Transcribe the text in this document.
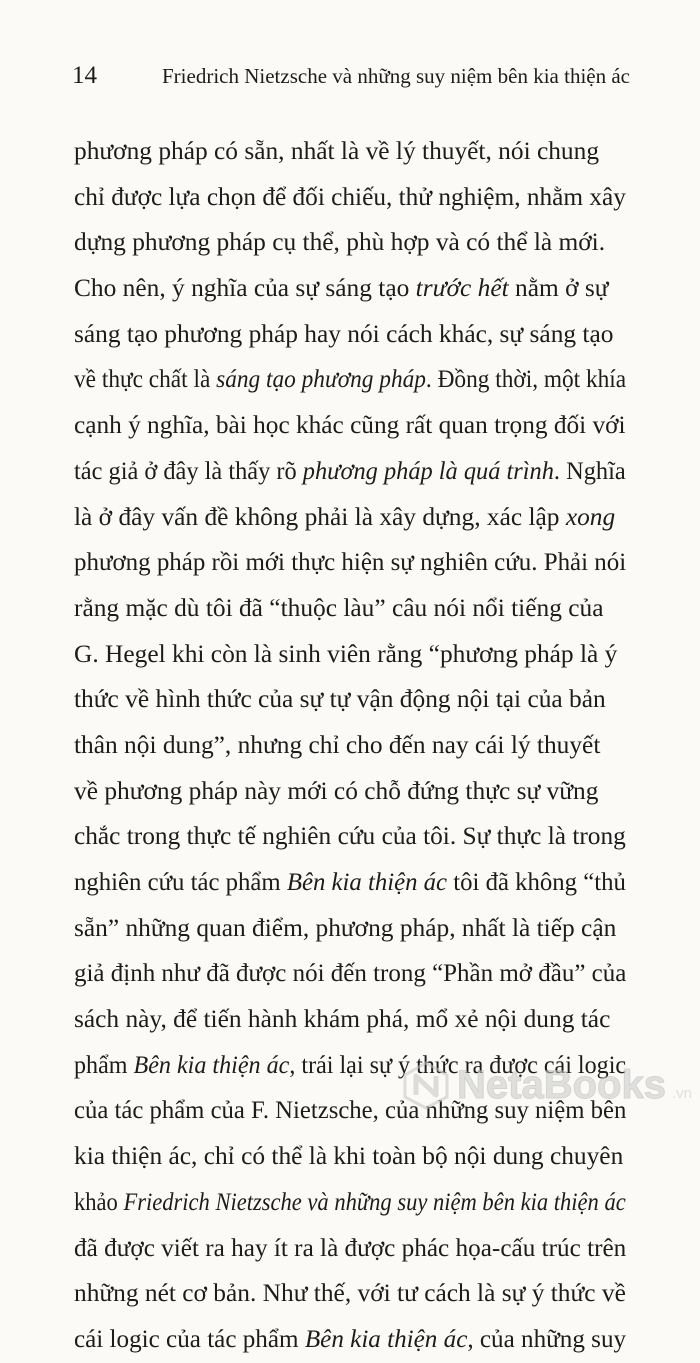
14	Friedrich Nietzsche và những suy niệm bên kia thiện ác
phương pháp có sẵn, nhất là về lý thuyết, nói chung
chỉ được lựa chọn để đối chiếu, thử nghiệm, nhằm xây
dựng phương pháp cụ thể, phù hợp và có thể là mới.
Cho nên, ý nghĩa của sự sáng tạo trước hết nằm ở sự
sáng tạo phương pháp hay nói cách khác, sự sáng tạo
về thực chất là sáng tạo phương pháp. Đồng thời, một khía
cạnh ý nghĩa, bài học khác cũng rất quan trọng đối với
tác giả ở đây là thấy rõ phương pháp là quá trình. Nghĩa
là ở đây vấn đề không phải là xây dựng, xác lập xong
phương pháp rồi mới thực hiện sự nghiên cứu. Phải nói
rằng mặc dù tôi đã “thuộc làu” câu nói nổi tiếng của
G. Hegel khi còn là sinh viên rằng “phương pháp là ý
thức về hình thức của sự tự vận động nội tại của bản
thân nội dung”, nhưng chỉ cho đến nay cái lý thuyết
về phương pháp này mới có chỗ đứng thực sự vững
chắc trong thực tế nghiên cứu của tôi. Sự thực là trong
nghiên cứu tác phẩm Bên kia thiện ác tôi đã không “thủ
sẵn” những quan điểm, phương pháp, nhất là tiếp cận
giả định như đã được nói đến trong “Phần mở đầu” của
sách này, để tiến hành khám phá, mổ xẻ nội dung tác
phẩm Bên kia thiện ác, trái lại sự ý thức ra được cái logic
của tác phẩm của F. Nietzsche, của những suy niệm bên
kia thiện ác, chỉ có thể là khi toàn bộ nội dung chuyên
khảo Friedrich Nietzsche và những suy niệm bên kia thiện ác
đã được viết ra hay ít ra là được phác họa-cấu trúc trên
những nét cơ bản. Như thế, với tư cách là sự ý thức về
cái logic của tác phẩm Bên kia thiện ác, của những suy
NetaBooks .vn
